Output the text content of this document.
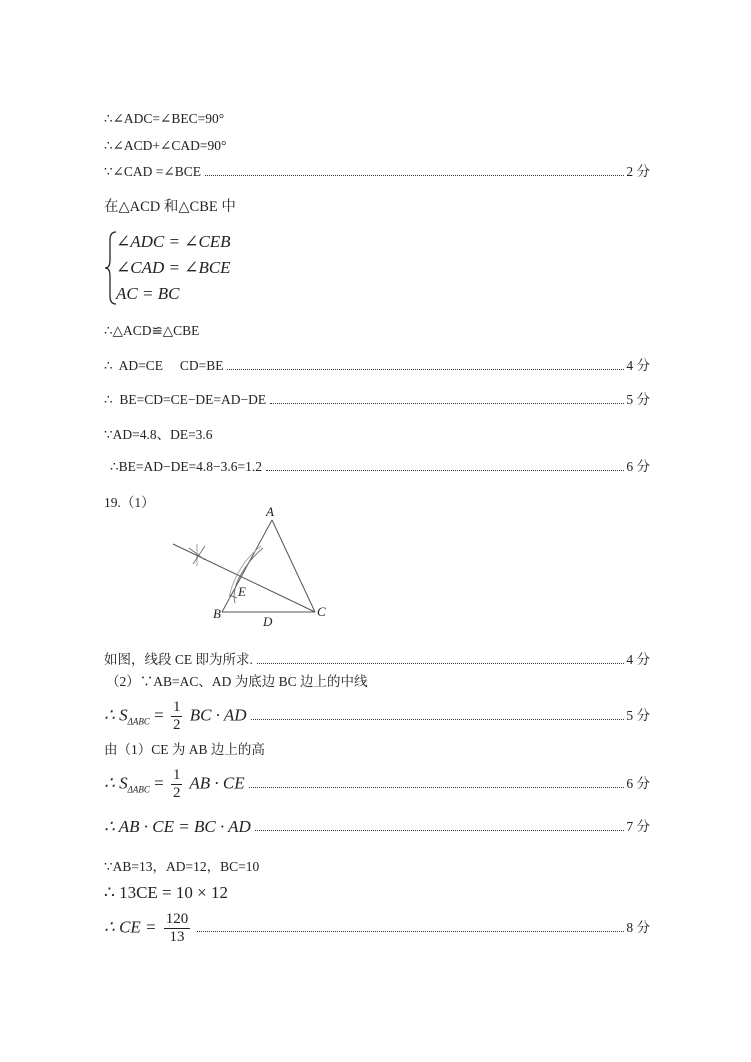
∴∠ADC=∠BEC=90°
∴∠ACD+∠CAD=90°
∵∠CAD =∠BCE	2 分
在△ACD 和△CBE 中
∠ADC = ∠CEB
∠CAD = ∠BCE
AC = BC
∴△ACD≌△CBE
∴  AD=CE     CD=BE	4 分
∴  BE=CD=CE−DE=AD−DE	5 分
∵AD=4.8、DE=3.6
∴BE=AD−DE=4.8−3.6=1.2	6 分
19.（1）
A
B	C
D
E
如图，线段 CE 即为所求.	4 分
（2）∵AB=AC、AD 为底边 BC 边上的中线
∴ $S_{\Delta ABC} = \frac{1}{2}$ BC · AD	5 分
由（1）CE 为 AB 边上的高
∴ $S_{\Delta ABC} = \frac{1}{2}$ AB · CE	6 分
∴ AB · CE = BC · AD	7 分
∵AB=13，AD=12，BC=10
∴ 13CE = 10 × 12
∴ CE = $\frac{120}{13}$	8 分
